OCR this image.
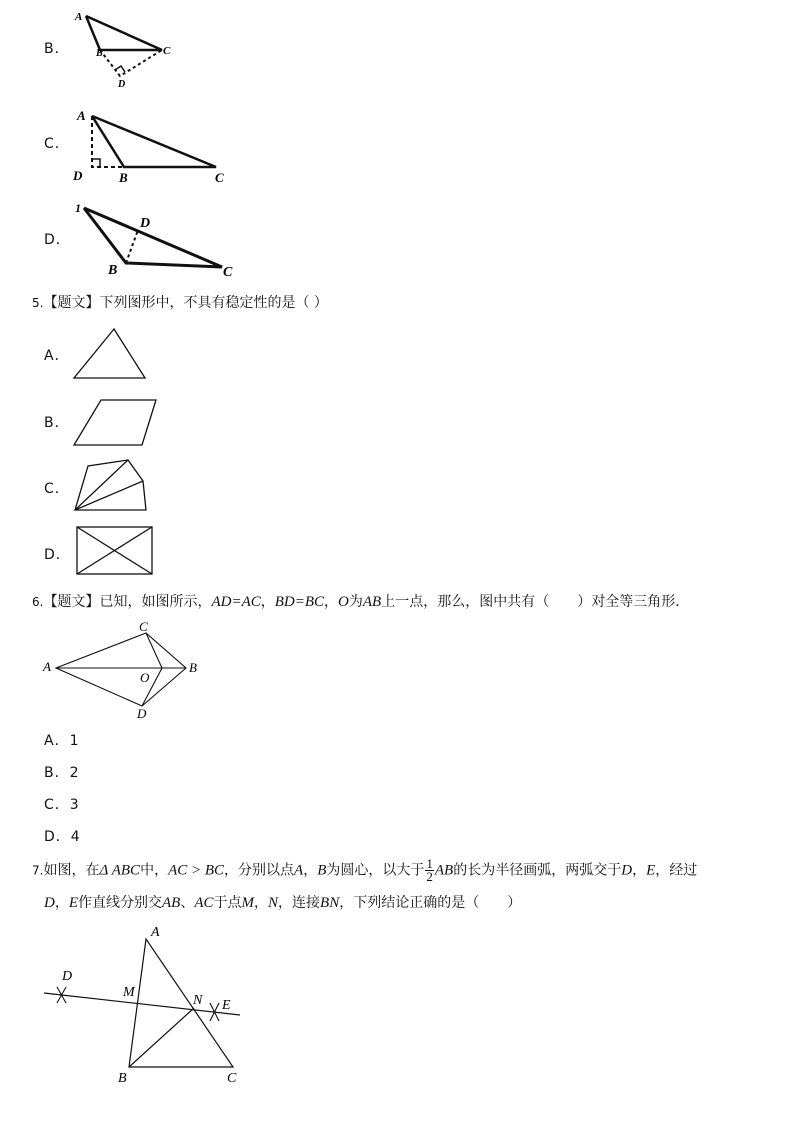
B．
A
B	C
D
C．
A
D	B	C
D．
1
D
B	C
5.【题文】下列图形中，不具有稳定性的是（ ）
A．
B．
C．
D．
6.【题文】已知，如图所示，AD=AC，BD=BC，O为AB上一点，那么，图中共有（　　）对全等三角形．
A
C
B
O
D
A．1
B．2
C．3
D．4
7.如图，在Δ ABC中，AC > BC，分别以点A，B为圆心，以大于 $\frac{1}{2}$ AB的长为半径画弧，两弧交于D，E，经过
D，E作直线分别交AB、AC于点M，N，连接BN，下列结论正确的是（　　）
A
D
M
N E
B	C
